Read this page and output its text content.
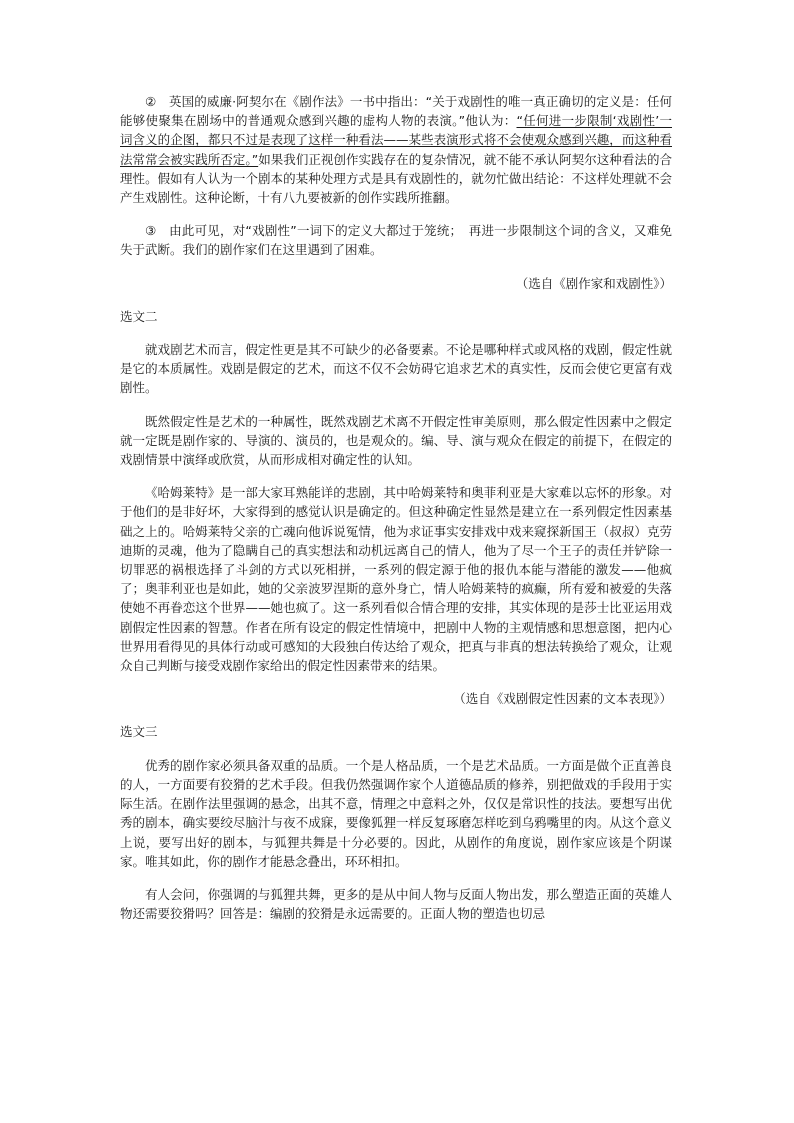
②　英国的威廉·阿契尔在《剧作法》一书中指出：“关于戏剧性的唯一真正确切的定义是：任何能够使聚集在剧场中的普通观众感到兴趣的虚构人物的表演。”他认为：“任何进一步限制‘戏剧性’一词含义的企图，都只不过是表现了这样一种看法——某些表演形式将不会使观众感到兴趣，而这种看法常常会被实践所否定。”如果我们正视创作实践存在的复杂情况，就不能不承认阿契尔这种看法的合理性。假如有人认为一个剧本的某种处理方式是具有戏剧性的，就勿忙做出结论：不这样处理就不会产生戏剧性。这种论断，十有八九要被新的创作实践所推翻。

③　由此可见，对“戏剧性”一词下的定义大都过于笼统；　再进一步限制这个词的含义，又难免失于武断。我们的剧作家们在这里遇到了困难。

（选自《剧作家和戏剧性》）

选文二

就戏剧艺术而言，假定性更是其不可缺少的必备要素。不论是哪种样式或风格的戏剧，假定性就是它的本质属性。戏剧是假定的艺术，而这不仅不会妨碍它追求艺术的真实性，反而会使它更富有戏剧性。

既然假定性是艺术的一种属性，既然戏剧艺术离不开假定性审美原则，那么假定性因素中之假定就一定既是剧作家的、导演的、演员的，也是观众的。编、导、演与观众在假定的前提下，在假定的戏剧情景中演绎或欣赏，从而形成相对确定性的认知。

《哈姆莱特》是一部大家耳熟能详的悲剧，其中哈姆莱特和奥菲利亚是大家难以忘怀的形象。对于他们的是非好坏，大家得到的感觉认识是确定的。但这种确定性显然是建立在一系列假定性因素基础之上的。哈姆莱特父亲的亡魂向他诉说冤情，他为求证事实安排戏中戏来窥探新国王（叔叔）克劳迪斯的灵魂，他为了隐瞒自己的真实想法和动机远离自己的情人，他为了尽一个王子的责任并铲除一切罪恶的祸根选择了斗剑的方式以死相拼，一系列的假定源于他的报仇本能与潜能的激发——他疯了；奥菲利亚也是如此，她的父亲波罗涅斯的意外身亡，情人哈姆莱特的疯癫，所有爱和被爱的失落使她不再眷恋这个世界——她也疯了。这一系列看似合情合理的安排，其实体现的是莎士比亚运用戏剧假定性因素的智慧。作者在所有设定的假定性情境中，把剧中人物的主观情感和思想意图，把内心世界用看得见的具体行动或可感知的大段独白传达给了观众，把真与非真的想法转换给了观众，让观众自己判断与接受戏剧作家给出的假定性因素带来的结果。

（选自《戏剧假定性因素的文本表现》）

选文三

优秀的剧作家必须具备双重的品质。一个是人格品质，一个是艺术品质。一方面是做个正直善良的人，一方面要有狡猾的艺术手段。但我仍然强调作家个人道德品质的修养，别把做戏的手段用于实际生活。在剧作法里强调的悬念，出其不意，情理之中意料之外，仅仅是常识性的技法。要想写出优秀的剧本，确实要绞尽脑汁与夜不成寐，要像狐狸一样反复琢磨怎样吃到乌鸦嘴里的肉。从这个意义上说，要写出好的剧本，与狐狸共舞是十分必要的。因此，从剧作的角度说，剧作家应该是个阴谋家。唯其如此，你的剧作才能悬念叠出，环环相扣。

有人会问，你强调的与狐狸共舞，更多的是从中间人物与反面人物出发，那么塑造正面的英雄人物还需要狡猾吗？回答是：编剧的狡猾是永远需要的。正面人物的塑造也切忌
